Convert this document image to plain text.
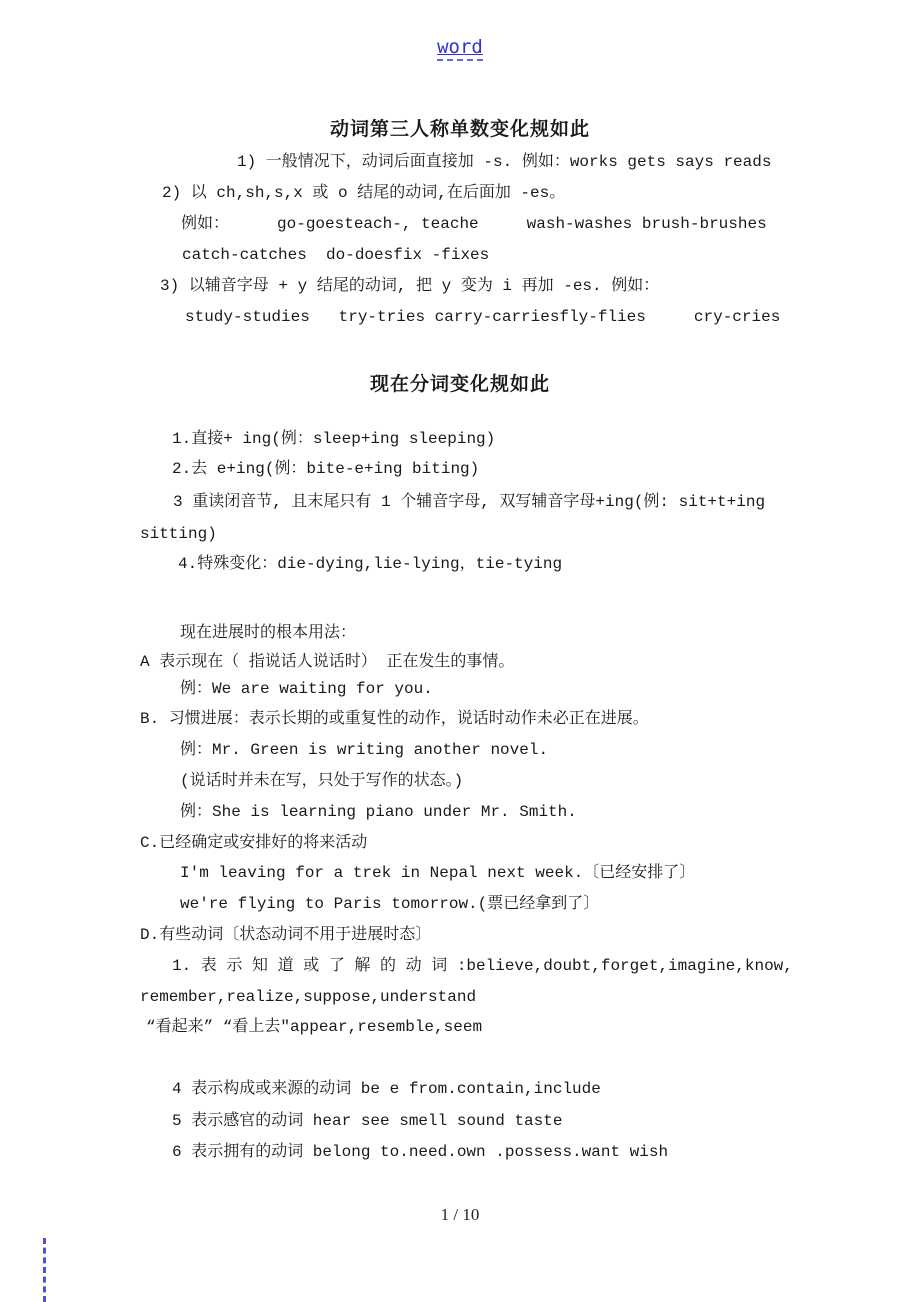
word
动词第三人称单数变化规如此
1) 一般情况下，动词后面直接加 -s. 例如：works gets says reads
2) 以 ch,sh,s,x 或 o 结尾的动词,在后面加 -es。
例如：     go-goesteach-, teache     wash-washes brush-brushes
catch-catches  do-doesfix -fixes
3) 以辅音字母 + y 结尾的动词, 把 y 变为 i 再加 -es. 例如：
study-studies   try-tries carry-carriesfly-flies     cry-cries
现在分词变化规如此
1.直接+ ing(例：sleep+ing sleeping)
2.去 e+ing(例：bite-e+ing biting)
3 重读闭音节, 且末尾只有 1 个辅音字母, 双写辅音字母+ing(例: sit+t+ing
sitting)
4.特殊变化：die-dying,lie-lying，tie-tying
现在进展时的根本用法：
A 表示现在（ 指说话人说话时） 正在发生的事情。
例：We are waiting for you.
B. 习惯进展：表示长期的或重复性的动作，说话时动作未必正在进展。
例：Mr. Green is writing another novel.
(说话时并未在写，只处于写作的状态。)
例：She is learning piano under Mr. Smith.
C.已经确定或安排好的将来活动
I'm leaving for a trek in Nepal next week.〔已经安排了〕
we're flying to Paris tomorrow.(票已经拿到了〕
D.有些动词〔状态动词不用于进展时态〕
1. 表 示 知 道 或 了 解 的 动 词 :believe,doubt,forget,imagine,know,
remember,realize,suppose,understand
“看起来” “看上去"appear,resemble,seem
4 表示构成或来源的动词 be e from.contain,include
5 表示感官的动词 hear see smell sound taste
6 表示拥有的动词 belong to.need.own .possess.want wish
1 / 10
